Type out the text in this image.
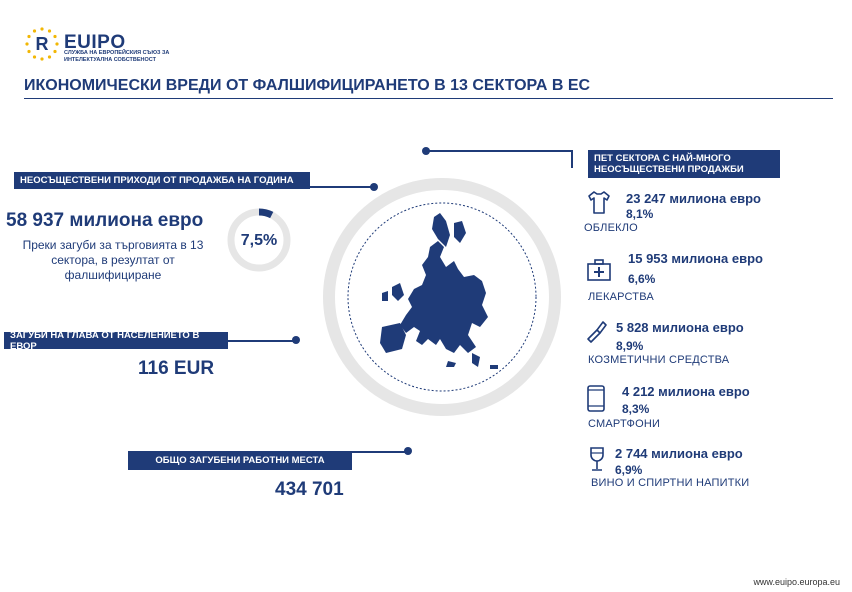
R EUIPO
СЛУЖБА НА ЕВРОПЕЙСКИЯ СЪЮЗ ЗА ИНТЕЛЕКТУАЛНА СОБСТВЕНОСТ
ИКОНОМИЧЕСКИ ВРЕДИ ОТ ФАЛШИФИЦИРАНЕТО В 13 СЕКТОРА В ЕС
НЕОСЪЩЕСТВЕНИ ПРИХОДИ ОТ ПРОДАЖБА НА ГОДИНА
58 937 милиона евро
Преки загуби за търговията в 13 сектора, в резултат от фалшифициране
7,5%
ЗАГУБИ НА ГЛАВА ОТ НАСЕЛЕНИЕТО В ЕВОР
116 EUR
ОБЩО ЗАГУБЕНИ РАБОТНИ МЕСТА
434 701
ПЕТ СЕКТОРА С НАЙ-МНОГО НЕОСЪЩЕСТВЕНИ ПРОДАЖБИ
23 247 милиона евро
8,1%
ОБЛЕКЛО
15 953 милиона евро
6,6%
ЛЕКАРСТВА
5 828 милиона евро
8,9%
КОЗМЕТИЧНИ СРЕДСТВА
4 212 милиона евро
8,3%
СМАРТФОНИ
2 744 милиона евро
6,9%
ВИНО И СПИРТНИ НАПИТКИ
www.euipo.europa.eu
